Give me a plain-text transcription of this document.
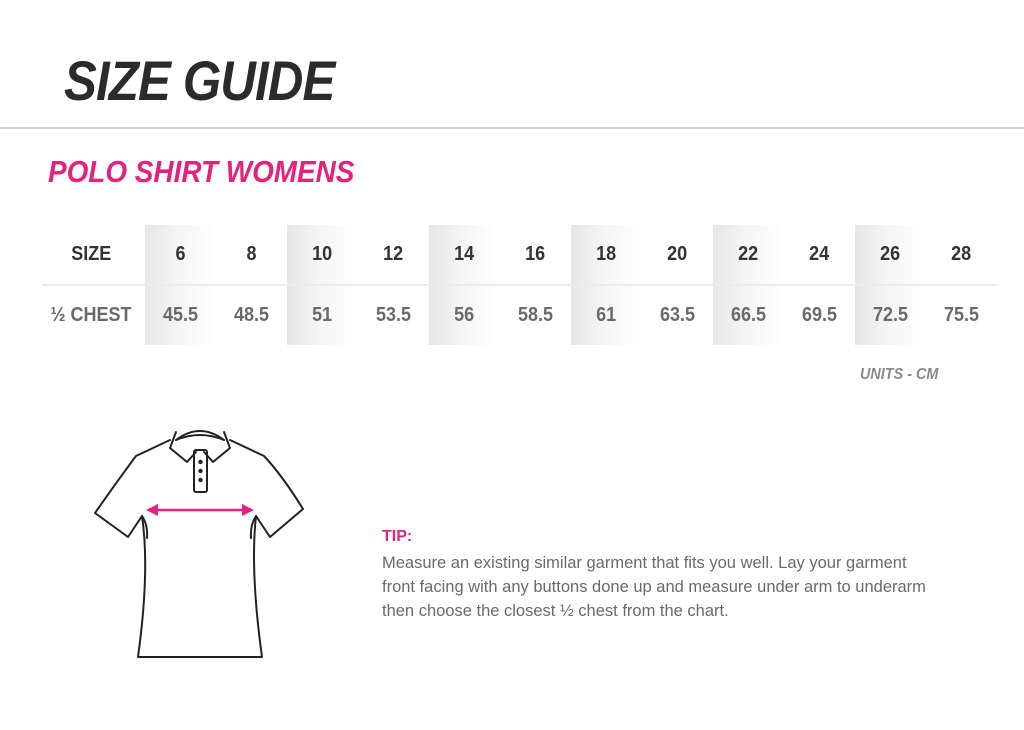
SIZE GUIDE
POLO SHIRT WOMENS
SIZE	6	8	10	12	14	16	18	20	22	24	26	28
½ CHEST	45.5	48.5	51	53.5	56	58.5	61	63.5	66.5	69.5	72.5	75.5
UNITS - CM
TIP:
Measure an existing similar garment that fits you well. Lay your garment front facing with any buttons done up and measure under arm to underarm then choose the closest ½ chest from the chart.
